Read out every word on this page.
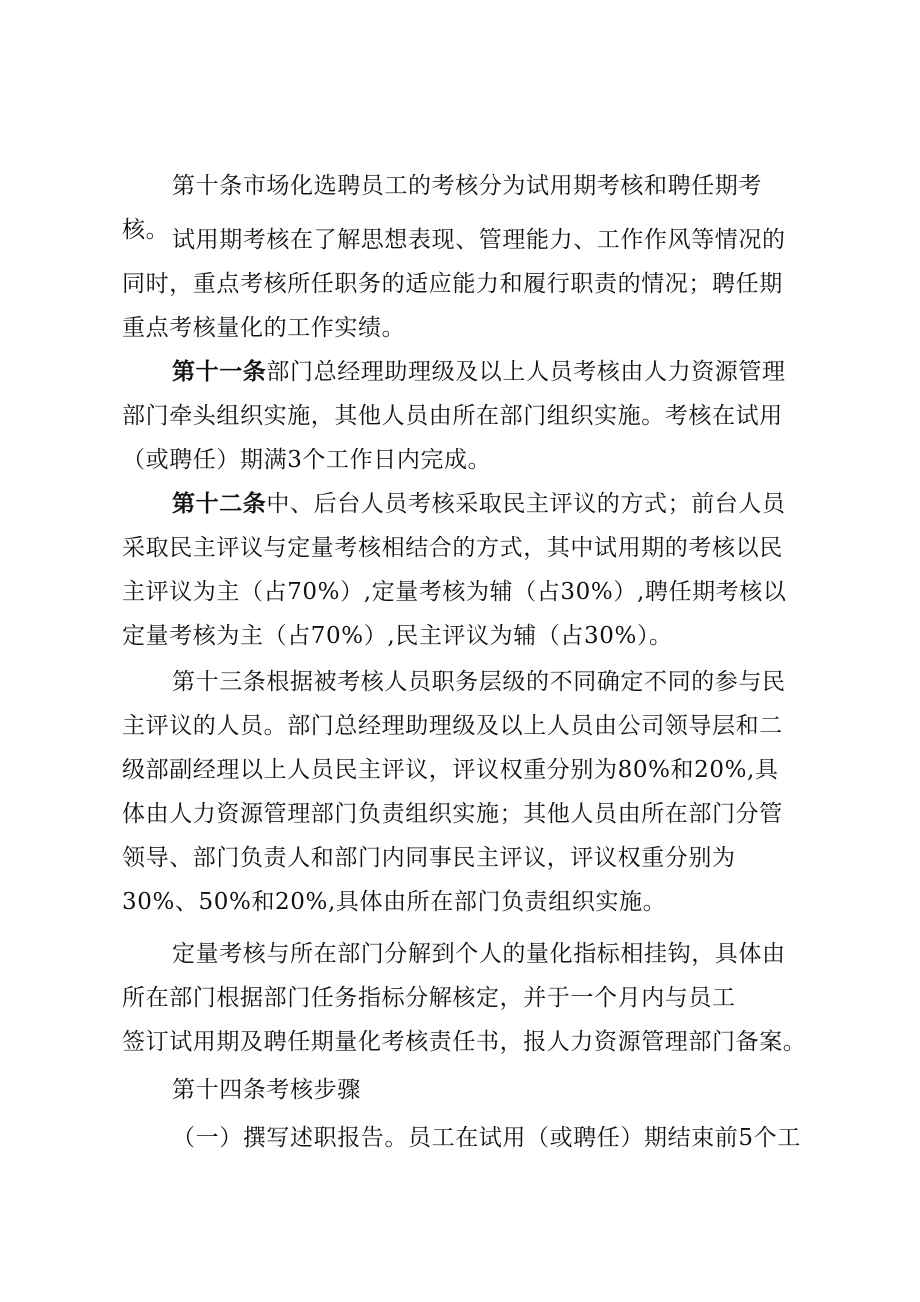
第十条市场化选聘员工的考核分为试用期考核和聘任期考核。 试用期考核在了解思想表现、管理能力、工作作风等情况的同时，重点考核所任职务的适应能力和履行职责的情况；聘任期重点考核量化的工作实绩。

第十一条部门总经理助理级及以上人员考核由人力资源管理部门牵头组织实施，其他人员由所在部门组织实施。考核在试用（或聘任）期满3个工作日内完成。

第十二条中、后台人员考核采取民主评议的方式；前台人员采取民主评议与定量考核相结合的方式，其中试用期的考核以民主评议为主（占70%）,定量考核为辅（占30%）,聘任期考核以定量考核为主（占70%）,民主评议为辅（占30%）。

第十三条根据被考核人员职务层级的不同确定不同的参与民主评议的人员。部门总经理助理级及以上人员由公司领导层和二级部副经理以上人员民主评议，评议权重分别为80%和20%,具体由人力资源管理部门负责组织实施；其他人员由所在部门分管领导、部门负责人和部门内同事民主评议，评议权重分别为30%、50%和20%,具体由所在部门负责组织实施。

定量考核与所在部门分解到个人的量化指标相挂钩，具体由所在部门根据部门任务指标分解核定，并于一个月内与员工

签订试用期及聘任期量化考核责任书，报人力资源管理部门备案。
第十四条考核步骤
（一）撰写述职报告。员工在试用（或聘任）期结束前5个工
